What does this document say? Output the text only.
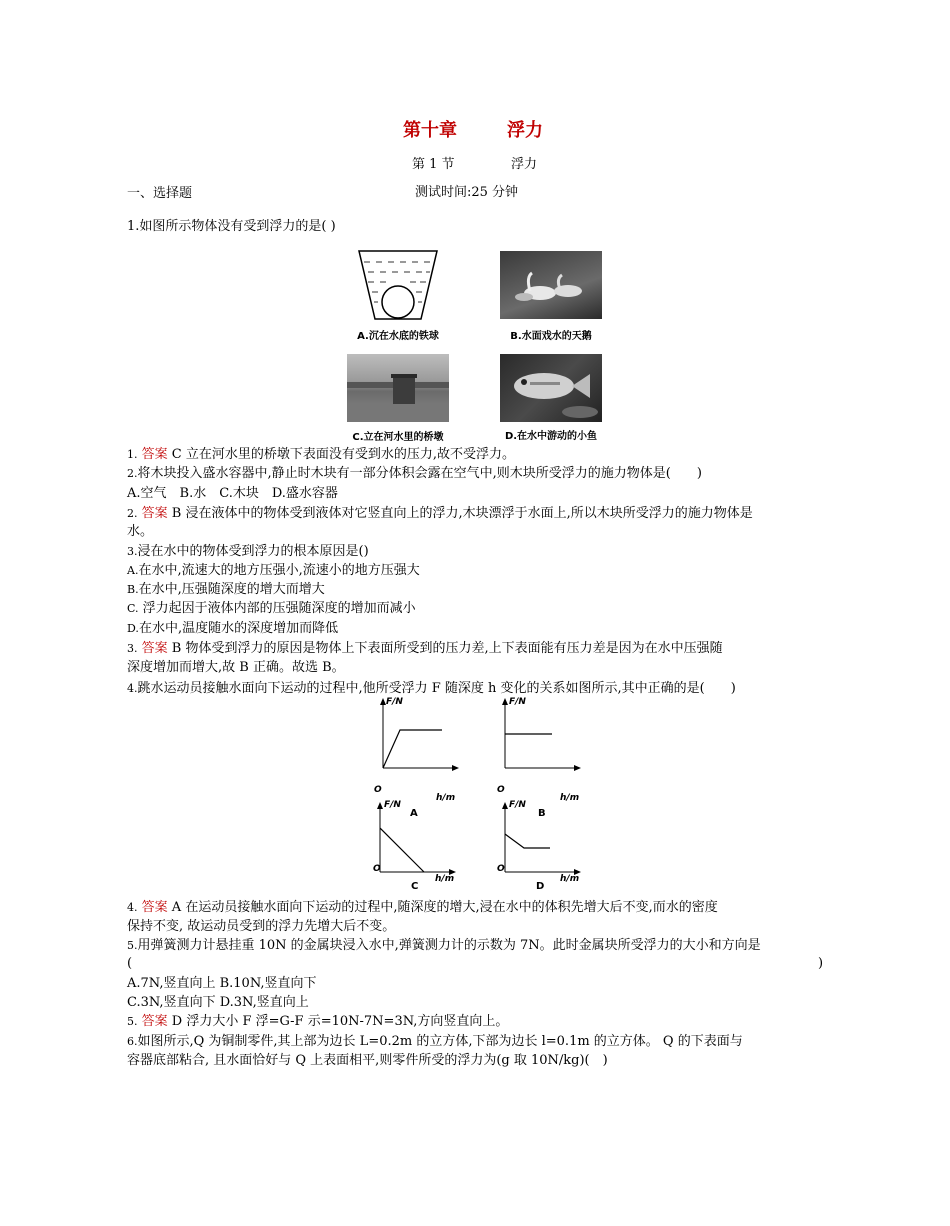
第十章	浮力
第 1 节	浮力
一、选择题	测试时间:25 分钟
1.如图所示物体没有受到浮力的是( )
A.沉在水底的铁球	B.水面戏水的天鹅
C.立在河水里的桥墩	D.在水中游动的小鱼
1. 答案 C 立在河水里的桥墩下表面没有受到水的压力,故不受浮力。
2.将木块投入盛水容器中,静止时木块有一部分体积会露在空气中,则木块所受浮力的施力物体是(　　)
A.空气　B.水　C.木块　D.盛水容器
2. 答案 B 浸在液体中的物体受到液体对它竖直向上的浮力,木块漂浮于水面上,所以木块所受浮力的施力物体是
水。
3.浸在水中的物体受到浮力的根本原因是()
A.在水中,流速大的地方压强小,流速小的地方压强大
B.在水中,压强随深度的增大而增大
C. 浮力起因于液体内部的压强随深度的增加而减小
D.在水中,温度随水的深度增加而降低
3. 答案 B 物体受到浮力的原因是物体上下表面所受到的压力差,上下表面能有压力差是因为在水中压强随
深度增加而增大,故 B 正确。故选 B。
4.跳水运动员接触水面向下运动的过程中,他所受浮力 F 随深度 h 变化的关系如图所示,其中正确的是(　　)
F/N
O
h/m
A
F/N
O
h/m
B
F/N
O
h/m
C
F/N
O
h/m
D
4. 答案 A 在运动员接触水面向下运动的过程中,随深度的增大,浸在水中的体积先增大后不变,而水的密度
保持不变, 故运动员受到的浮力先增大后不变。
5.用弹簧测力计悬挂重 10N 的金属块浸入水中,弹簧测力计的示数为 7N。此时金属块所受浮力的大小和方向是
(	)
A.7N,竖直向上 B.10N,竖直向下
C.3N,竖直向下 D.3N,竖直向上
5. 答案 D 浮力大小 F 浮=G-F 示=10N-7N=3N,方向竖直向上。
6.如图所示,Q 为铜制零件,其上部为边长 L=0.2m 的立方体,下部为边长 l=0.1m 的立方体。 Q 的下表面与
容器底部粘合, 且水面恰好与 Q 上表面相平,则零件所受的浮力为(g 取 10N/kg)(　)
